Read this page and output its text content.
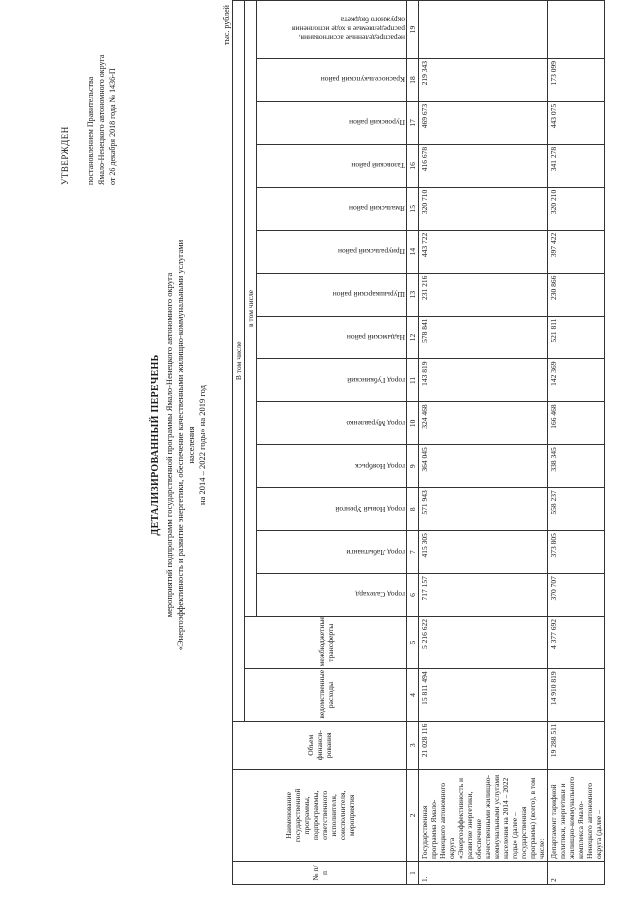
УТВЕРЖДЕН постановлением Правительства Ямало-Ненецкого автономного округа от 26 декабря 2018 года № 1436-П
ДЕТАЛИЗИРОВАННЫЙ ПЕРЕЧЕНЬ мероприятий подпрограмм государственной программы Ямало-Ненецкого автономного округа «Энергоэффективность и развитие энергетики, обеспечение качественными жилищно-коммунальными услугами населения на 2014 – 2022 годы» на 2019 год
тыс. рублей
№ п/п	Наименование государственной программы, подпрограммы, ответственного исполнителя, соисполнителя, мероприятия	Объем финанси-рования	В том числе															
			ведомственные расходы	межбюджетные трансферты	в том числе													
					город Салехард	город Лабытнанги	город Новый Уренгой	город Ноябрьск	город Муравленко	город Губкинский	Надымский район	Шурышкарский район	Приуральский район	Ямальский район	Тазовский район	Пуровский район	Красноселькупский район	нераспределенные ассигнования, распределяемые в ходе исполнения окружного бюджета
1	2	3	4	5	6	7	8	9	10	11	12	13	14	15	16	17	18	19
1.	Государственная программа Ямало-Ненецкого автономного округа «Энергоэффективность и развитие энергетики, обеспечение качественными жилищно-коммунальными услугами населения на 2014 – 2022 годы» (далее – государственная программа) (всего), в том числе:	21 028 116	15 811 494	5 216 622	717 157	415 305	571 943	364 045	324 468	143 819	578 841	231 216	443 722	320 710	416 678	469 673	219 343	
2	Департамент тарифной политики, энергетики и жилищно-коммунального комплекса Ямало-Ненецкого автономного округа (далее –	19 288 511	14 910 819	4 377 692	370 707	373 805	558 237	338 345	166 468	142 369	521 811	230 866	397 422	320 210	341 278	443 075	173 099	
